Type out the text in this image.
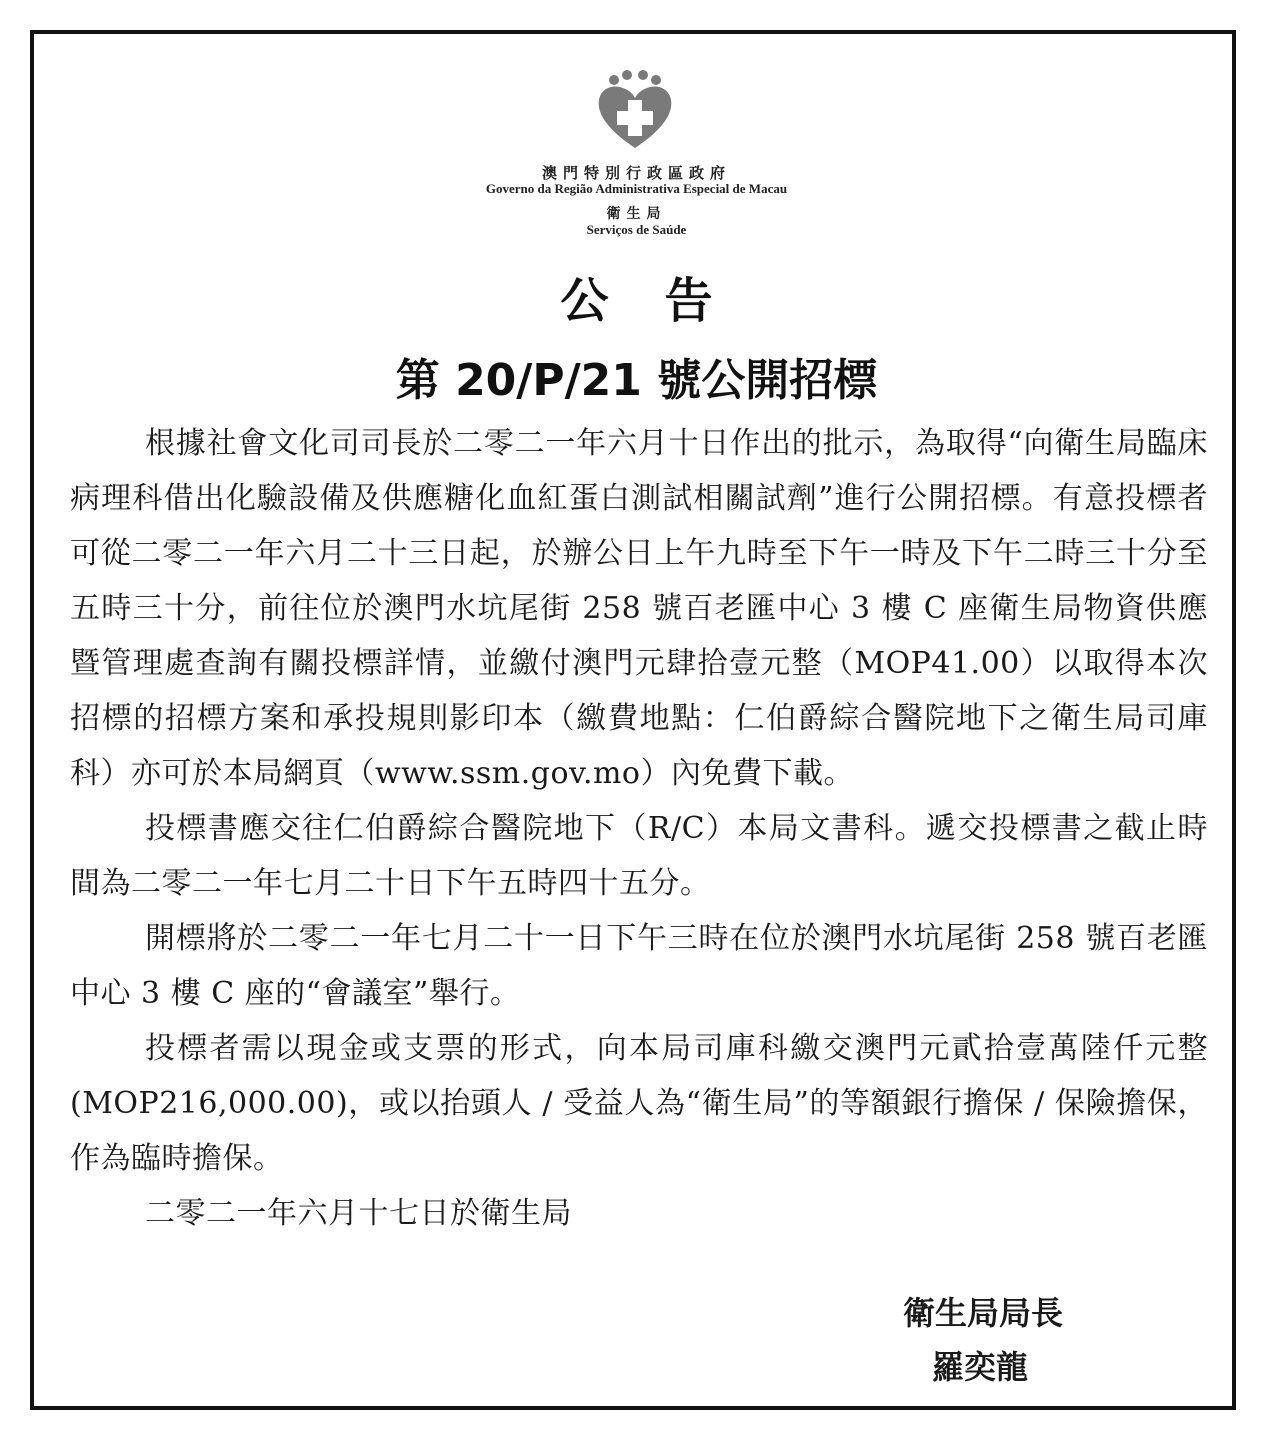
澳門特別行政區政府
Governo da Região Administrativa Especial de Macau
衛生局
Serviços de Saúde
公告
第 20/P/21 號公開招標

根據社會文化司司長於二零二一年六月十日作出的批示，為取得“向衛生局臨床病理科借出化驗設備及供應糖化血紅蛋白測試相關試劑”進行公開招標。有意投標者可從二零二一年六月二十三日起，於辦公日上午九時至下午一時及下午二時三十分至五時三十分，前往位於澳門水坑尾街 258 號百老匯中心 3 樓 C 座衛生局物資供應暨管理處查詢有關投標詳情，並繳付澳門元肆拾壹元整（MOP41.00）以取得本次招標的招標方案和承投規則影印本（繳費地點：仁伯爵綜合醫院地下之衛生局司庫科）亦可於本局網頁（www.ssm.gov.mo）內免費下載。

投標書應交往仁伯爵綜合醫院地下（R/C）本局文書科。遞交投標書之截止時間為二零二一年七月二十日下午五時四十五分。

開標將於二零二一年七月二十一日下午三時在位於澳門水坑尾街 258 號百老匯中心 3 樓 C 座的“會議室”舉行。

投標者需以現金或支票的形式，向本局司庫科繳交澳門元貳拾壹萬陸仟元整 (MOP216,000.00)，或以抬頭人 / 受益人為“衛生局”的等額銀行擔保 / 保險擔保，作為臨時擔保。

二零二一年六月十七日於衛生局

衛生局局長
羅奕龍
